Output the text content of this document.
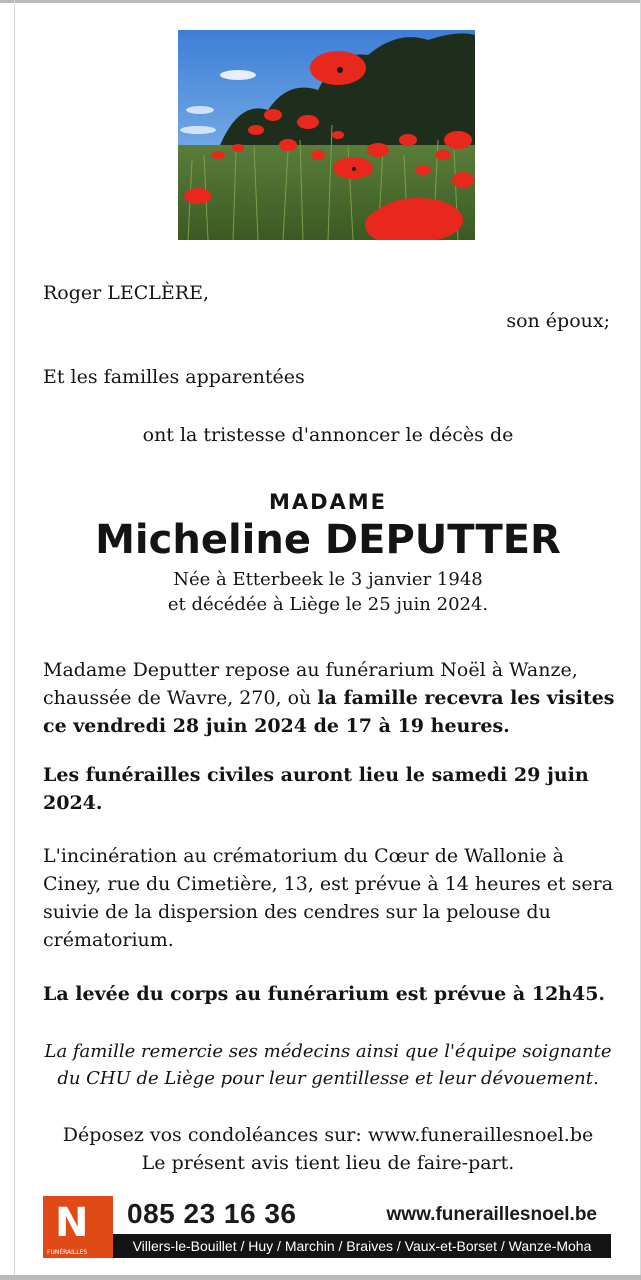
Roger LECLÈRE,

son époux;

Et les familles apparentées

ont la tristesse d'annoncer le décès de

MADAME
Micheline DEPUTTER

Née à Etterbeek le 3 janvier 1948

et décédée à Liège le 25 juin 2024.

Madame Deputter repose au funérarium Noël à Wanze,

chaussée de Wavre, 270, où la famille recevra les visites

ce vendredi 28 juin 2024 de 17 à 19 heures.

Les funérailles civiles auront lieu le samedi 29 juin

2024.

L'incinération au crématorium du Cœur de Wallonie à

Ciney, rue du Cimetière, 13, est prévue à 14 heures et sera

suivie de la dispersion des cendres sur la pelouse du

crématorium.

La levée du corps au funérarium est prévue à 12h45.

La famille remercie ses médecins ainsi que l'équipe soignante

du CHU de Liège pour leur gentillesse et leur dévouement.

Déposez vos condoléances sur: www.funeraillesnoel.be

Le présent avis tient lieu de faire-part.

N
FUNÉRAILLES
085 23 16 36	www.funeraillesnoel.be
Villers-le-Bouillet / Huy / Marchin / Braives / Vaux-et-Borset / Wanze-Moha
